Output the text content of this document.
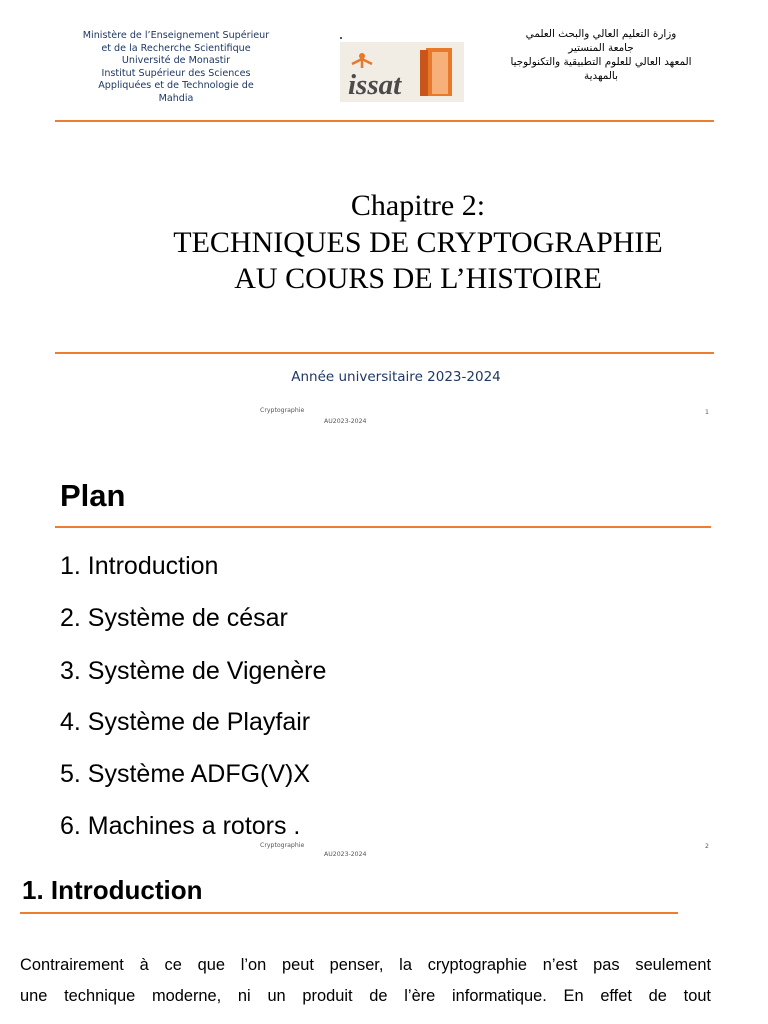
Ministère de l’Enseignement Supérieur
et de la Recherche Scientifique
Université de Monastir
Institut Supérieur des Sciences
Appliquées et de Technologie de
Mahdia	issat
وزارة التعليم العالي والبحث العلمي
جامعة المنستير
المعهد العالي للعلوم التطبيقية والتكنولوجيا
بالمهدية
Chapitre 2:
TECHNIQUES DE CRYPTOGRAPHIE
AU COURS DE L’HISTOIRE
Année universitaire 2023-2024
Cryptographie
AU2023-2024
1
Plan
1. Introduction
2. Système de césar
3. Système de Vigenère
4. Système de Playfair
5. Système ADFG(V)X
6. Machines a rotors .
Cryptographie
AU2023-2024
2
1. Introduction
Contrairement à ce que l’on peut penser, la cryptographie n’est pas seulement
une technique moderne, ni un produit de l’ère informatique. En effet de tout
